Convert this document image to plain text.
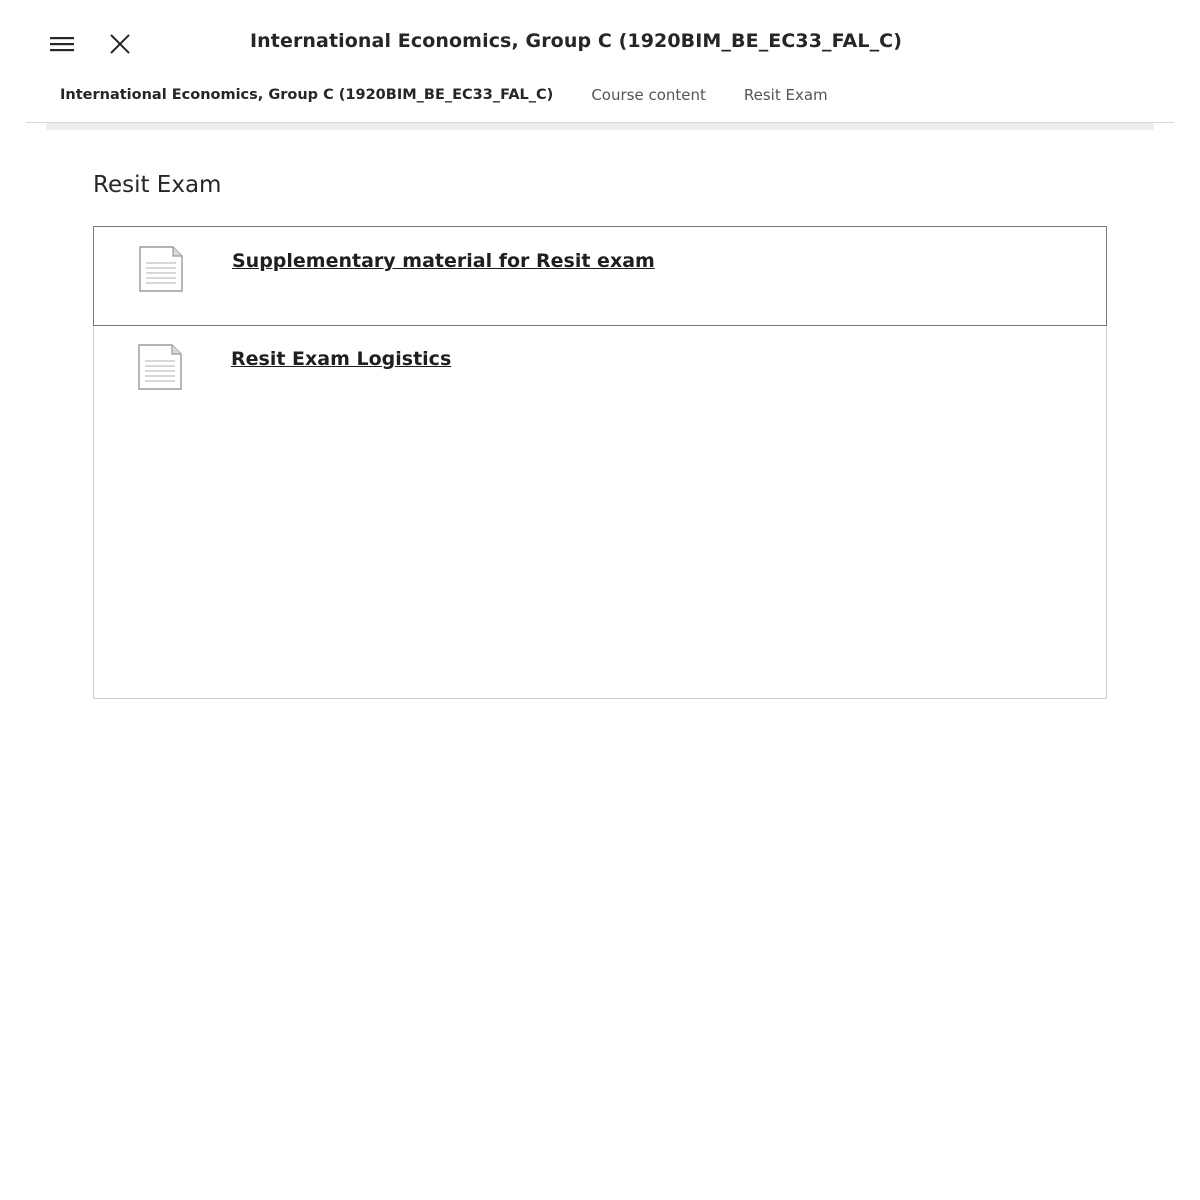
International Economics, Group C (1920BIM_BE_EC33_FAL_C)
International Economics, Group C (1920BIM_BE_EC33_FAL_C)	Course content	Resit Exam
Resit Exam
Supplementary material for Resit exam
Resit Exam Logistics
